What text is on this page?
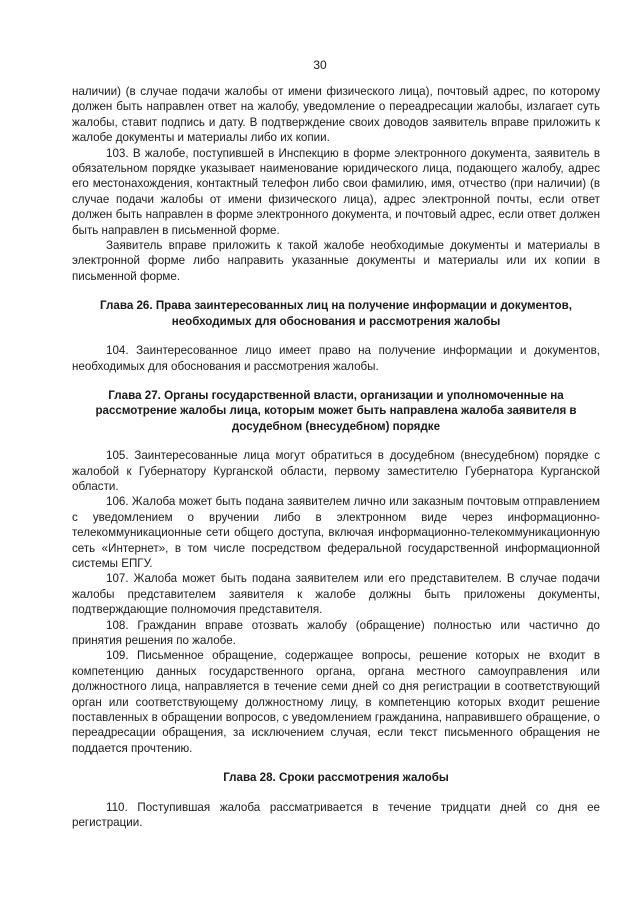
30

наличии) (в случае подачи жалобы от имени физического лица), почтовый адрес, по которому должен быть направлен ответ на жалобу, уведомление о переадресации жалобы, излагает суть жалобы, ставит подпись и дату. В подтверждение своих доводов заявитель вправе приложить к жалобе документы и материалы либо их копии.

103. В жалобе, поступившей в Инспекцию в форме электронного документа, заявитель в обязательном порядке указывает наименование юридического лица, подающего жалобу, адрес его местонахождения, контактный телефон либо свои фамилию, имя, отчество (при наличии) (в случае подачи жалобы от имени физического лица), адрес электронной почты, если ответ должен быть направлен в форме электронного документа, и почтовый адрес, если ответ должен быть направлен в письменной форме.

Заявитель вправе приложить к такой жалобе необходимые документы и материалы в электронной форме либо направить указанные документы и материалы или их копии в письменной форме.

Глава 26. Права заинтересованных лиц на получение информации и документов, необходимых для обоснования и рассмотрения жалобы

104. Заинтересованное лицо имеет право на получение информации и документов, необходимых для обоснования и рассмотрения жалобы.

Глава 27. Органы государственной власти, организации и уполномоченные на рассмотрение жалобы лица, которым может быть направлена жалоба заявителя в досудебном (внесудебном) порядке

105. Заинтересованные лица могут обратиться в досудебном (внесудебном) порядке с жалобой к Губернатору Курганской области, первому заместителю Губернатора Курганской области.

106. Жалоба может быть подана заявителем лично или заказным почтовым отправлением с уведомлением о вручении либо в электронном виде через информационно-телекоммуникационные сети общего доступа, включая информационно-телекоммуникационную сеть «Интернет», в том числе посредством федеральной государственной информационной системы ЕПГУ.

107. Жалоба может быть подана заявителем или его представителем. В случае подачи жалобы представителем заявителя к жалобе должны быть приложены документы, подтверждающие полномочия представителя.

108. Гражданин вправе отозвать жалобу (обращение) полностью или частично до принятия решения по жалобе.

109. Письменное обращение, содержащее вопросы, решение которых не входит в компетенцию данных государственного органа, органа местного самоуправления или должностного лица, направляется в течение семи дней со дня регистрации в соответствующий орган или соответствующему должностному лицу, в компетенцию которых входит решение поставленных в обращении вопросов, с уведомлением гражданина, направившего обращение, о переадресации обращения, за исключением случая, если текст письменного обращения не поддается прочтению.

Глава 28. Сроки рассмотрения жалобы

110. Поступившая жалоба рассматривается в течение тридцати дней со дня ее регистрации.
